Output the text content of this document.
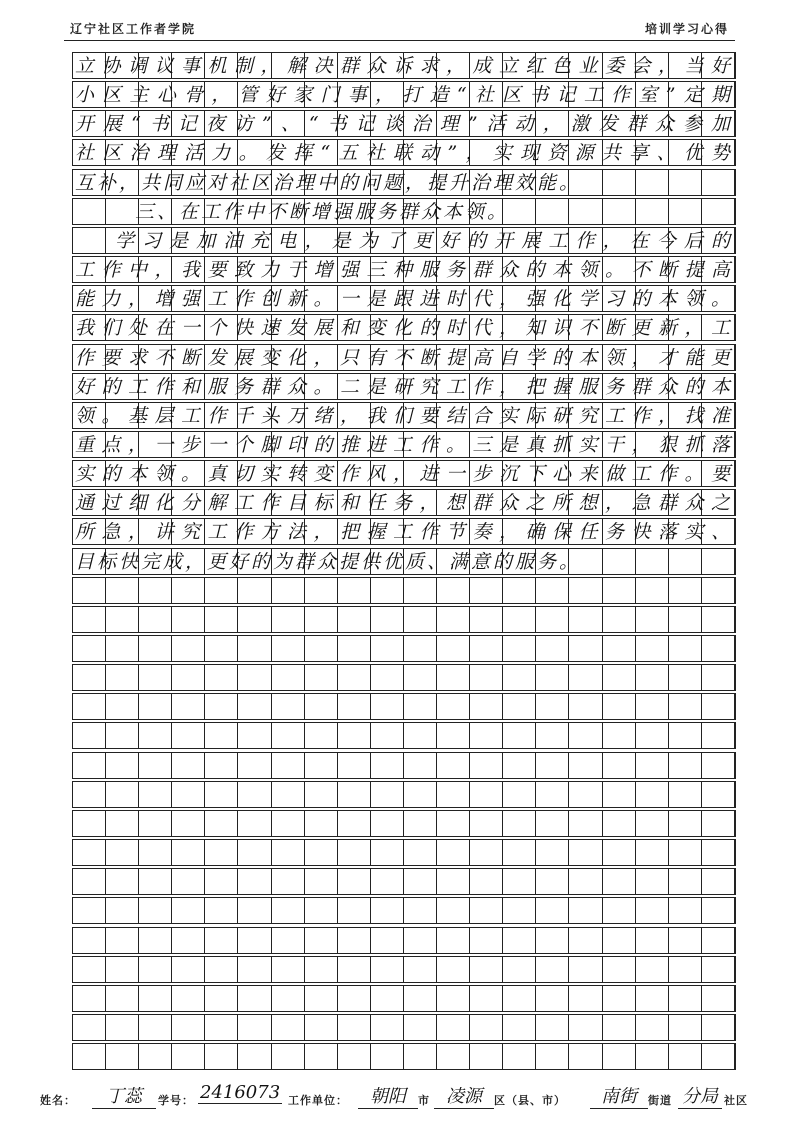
辽宁社区工作者学院	培训学习心得
立协调议事机制，解决群众诉求，成立红色业委会，当好
小区主心骨，管好家门事，打造“社区书记工作室”定期
开展“书记夜访”、“书记谈治理”活动，激发群众参加
社区治理活力。发挥“五社联动”，实现资源共享、优势
互补，共同应对社区治理中的问题，提升治理效能。
三、在工作中不断增强服务群众本领。
学习是加油充电，是为了更好的开展工作，在今后的
工作中，我要致力于增强三种服务群众的本领。不断提高
能力，增强工作创新。一是跟进时代，强化学习的本领。
我们处在一个快速发展和变化的时代，知识不断更新，工
作要求不断发展变化，只有不断提高自学的本领，才能更
好的工作和服务群众。二是研究工作，把握服务群众的本
领。基层工作千头万绪，我们要结合实际研究工作，找准
重点，一步一个脚印的推进工作。三是真抓实干，狠抓落
实的本领。真切实转变作风，进一步沉下心来做工作。要
通过细化分解工作目标和任务，想群众之所想，急群众之
所急，讲究工作方法，把握工作节奏，确保任务快落实、
目标快完成，更好的为群众提供优质、满意的服务。
姓名：	丁蕊	学号： 2416073 工作单位：	朝阳	市 凌源	区（县、市）	南街	街道 分局 社区
